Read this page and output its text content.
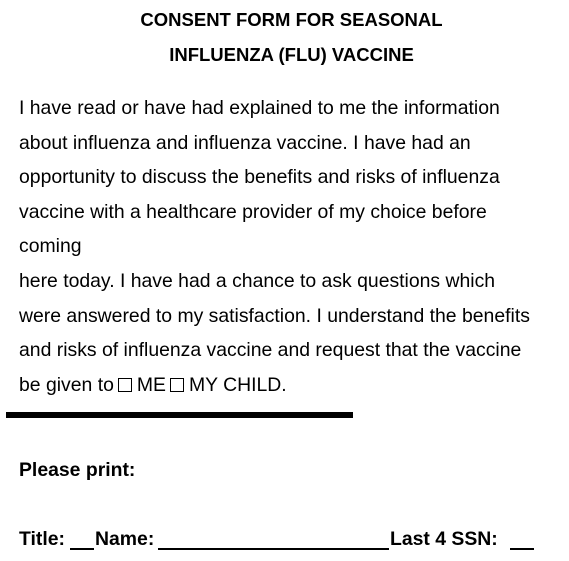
CONSENT FORM FOR SEASONAL
INFLUENZA (FLU) VACCINE
I have read or have had explained to me the information
about influenza and influenza vaccine. I have had an
opportunity to discuss the benefits and risks of influenza
vaccine with a healthcare provider of my choice before
coming
here today. I have had a chance to ask questions which
were answered to my satisfaction. I understand the benefits
and risks of influenza vaccine and request that the vaccine
be given to ME MY CHILD.
Please print:
Title: Name:	Last 4 SSN:
